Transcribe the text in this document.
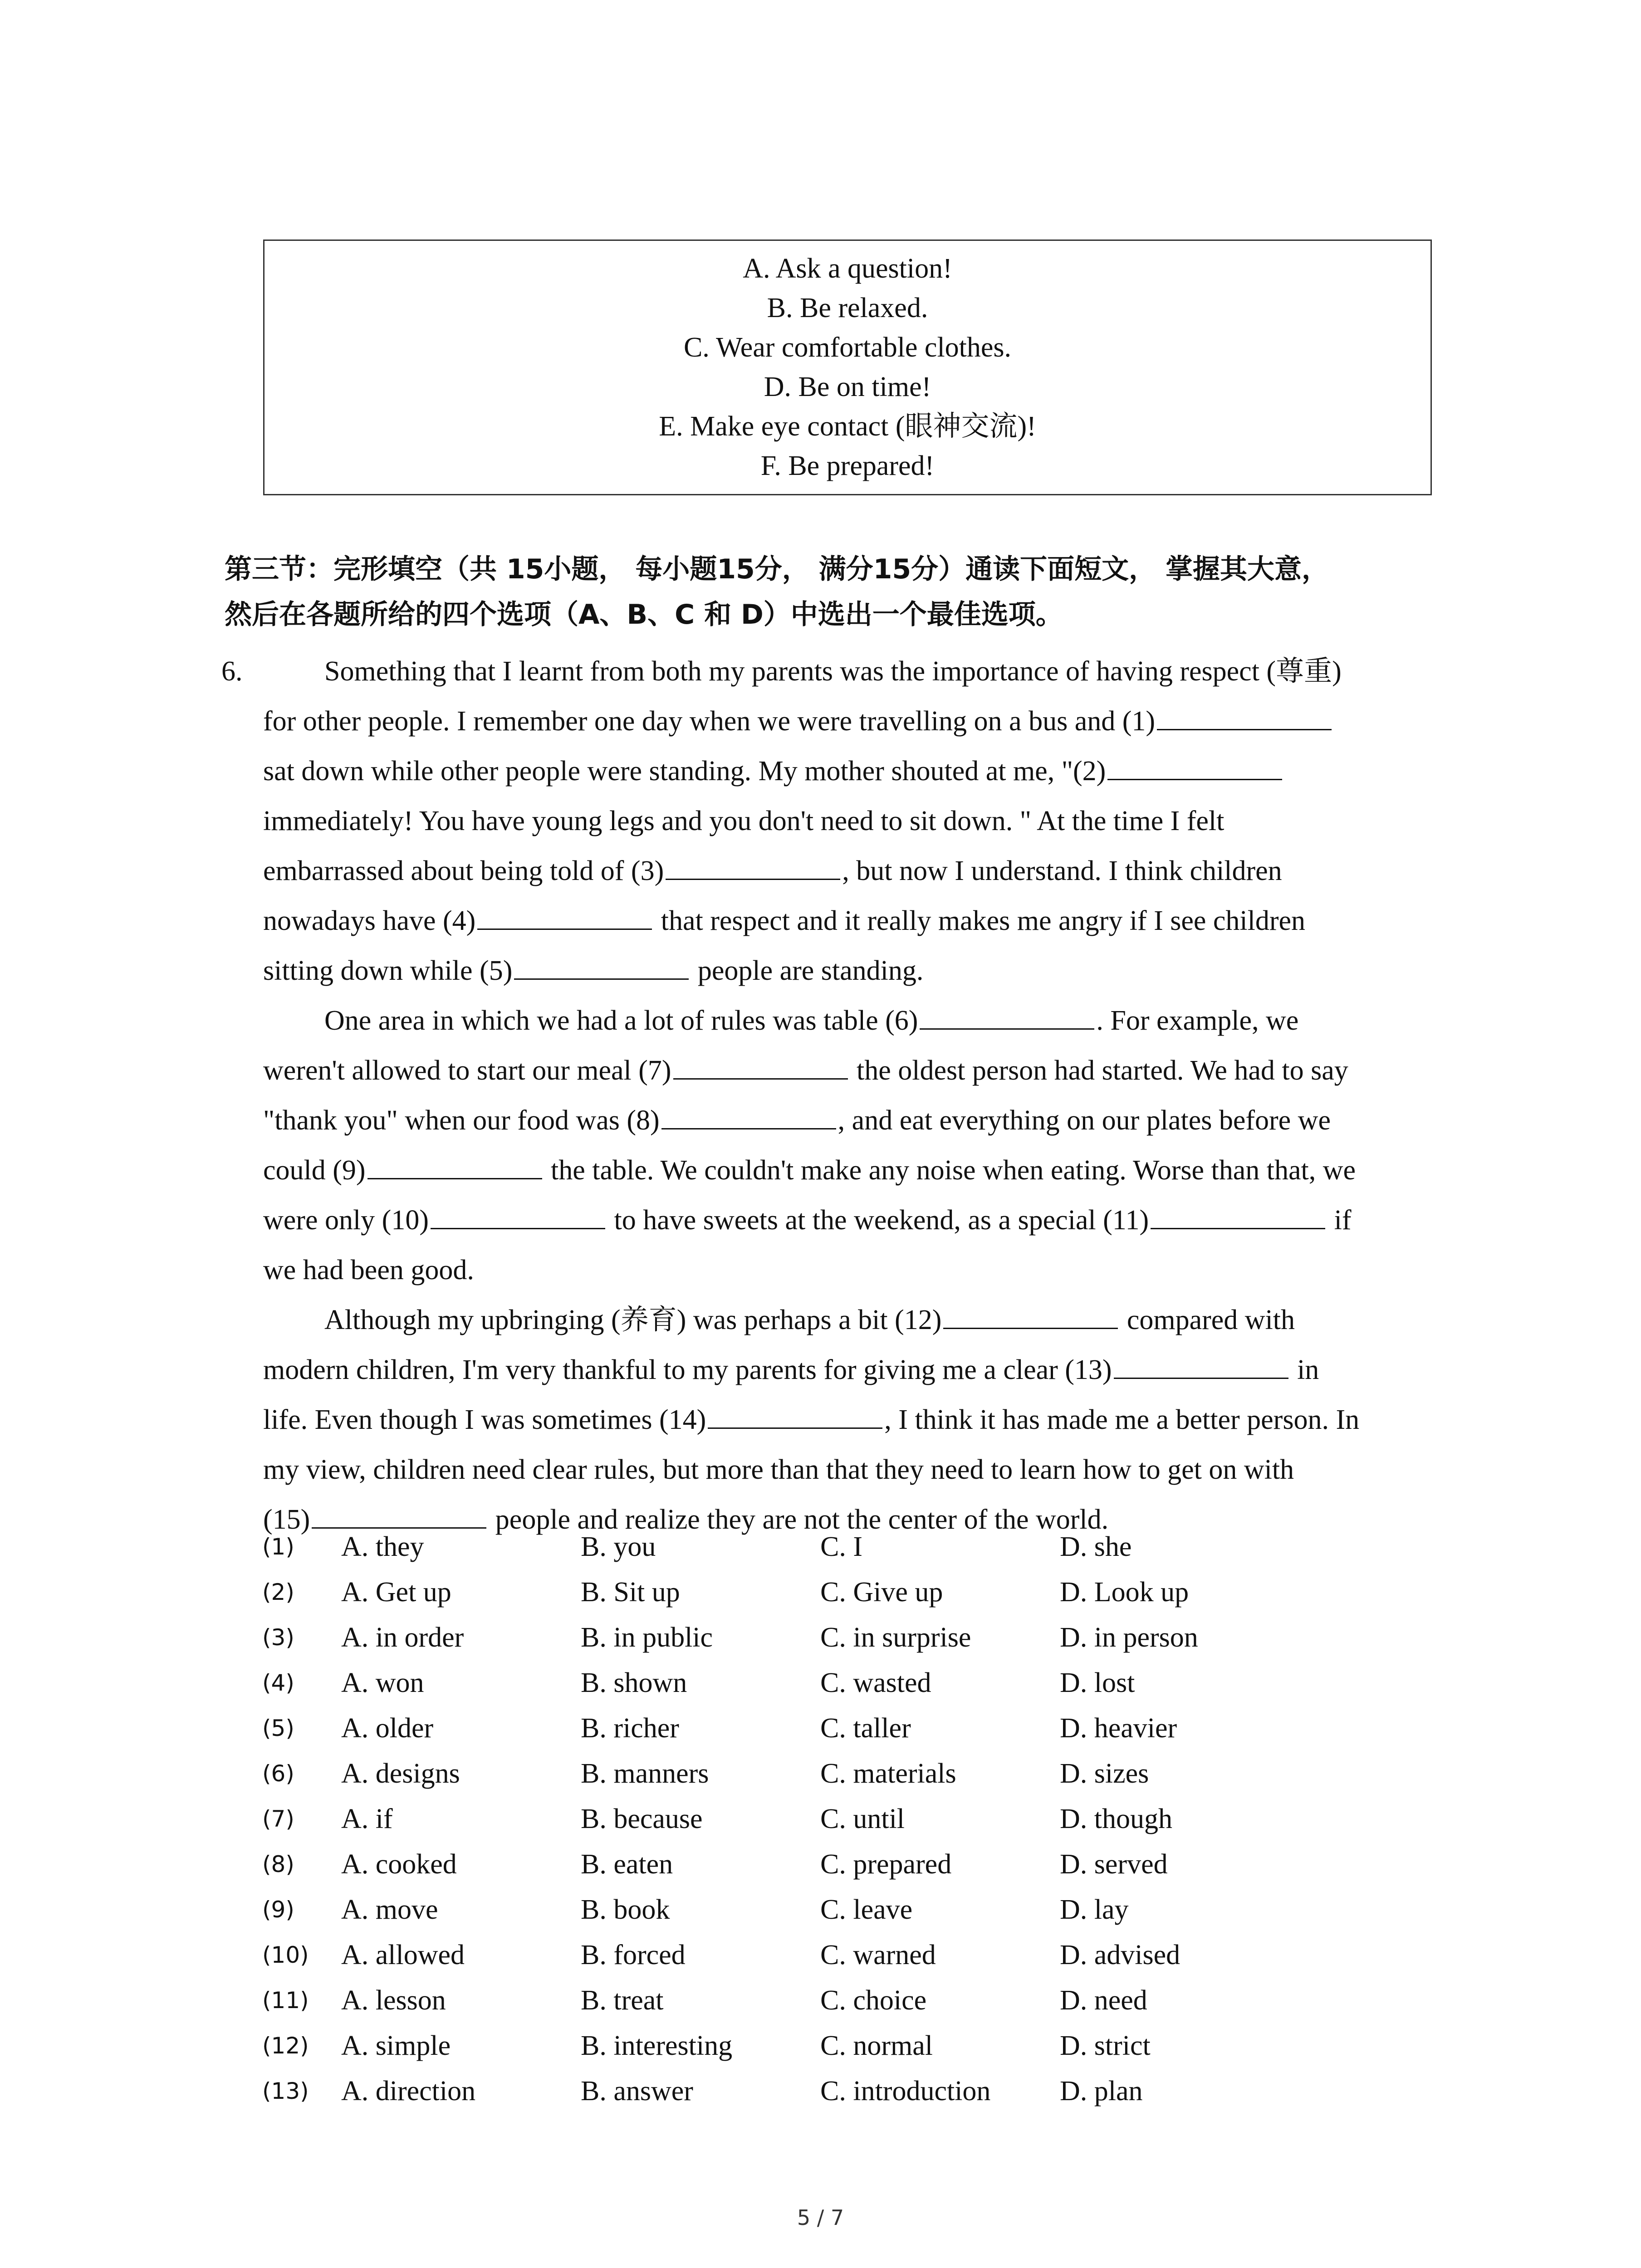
A. Ask a question!
B. Be relaxed.
C. Wear comfortable clothes.
D. Be on time!
E. Make eye contact (眼神交流)!
F. Be prepared!
第三节：完形填空（共 15小题， 每小题15分， 满分15分）通读下面短文， 掌握其大意，
然后在各题所给的四个选项（A、B、C 和 D）中选出一个最佳选项。
6.	Something that I learnt from both my parents was the importance of having respect (尊重)
for other people. I remember one day when we were travelling on a bus and (1)
sat down while other people were standing. My mother shouted at me, "(2)
immediately! You have young legs and you don't need to sit down. " At the time I felt
embarrassed about being told of (3)	, but now I understand. I think children
nowadays have (4)	that respect and it really makes me angry if I see children
sitting down while (5)	people are standing.
One area in which we had a lot of rules was table (6)	. For example, we
weren't allowed to start our meal (7)	the oldest person had started. We had to say
"thank you" when our food was (8)	, and eat everything on our plates before we
could (9)	the table. We couldn't make any noise when eating. Worse than that, we
were only (10)	to have sweets at the weekend, as a special (11)	if
we had been good.
Although my upbringing (养育) was perhaps a bit (12)	compared with
modern children, I'm very thankful to my parents for giving me a clear (13)	in
life. Even though I was sometimes (14)	, I think it has made me a better person. In
my view, children need clear rules, but more than that they need to learn how to get on with
(15)	people and realize they are not the center of the world.
(1) A. they	B. you	C. I	D. she
(2) A. Get up	B. Sit up	C. Give up	D. Look up
(3) A. in order	B. in public	C. in surprise	D. in person
(4) A. won	B. shown	C. wasted	D. lost
(5) A. older	B. richer	C. taller	D. heavier
(6) A. designs	B. manners	C. materials	D. sizes
(7) A. if	B. because	C. until	D. though
(8) A. cooked	B. eaten	C. prepared	D. served
(9) A. move	B. book	C. leave	D. lay
(10) A. allowed	B. forced	C. warned	D. advised
(11) A. lesson	B. treat	C. choice	D. need
(12) A. simple	B. interesting	C. normal	D. strict
(13) A. direction	B. answer	C. introduction D. plan
5 / 7
